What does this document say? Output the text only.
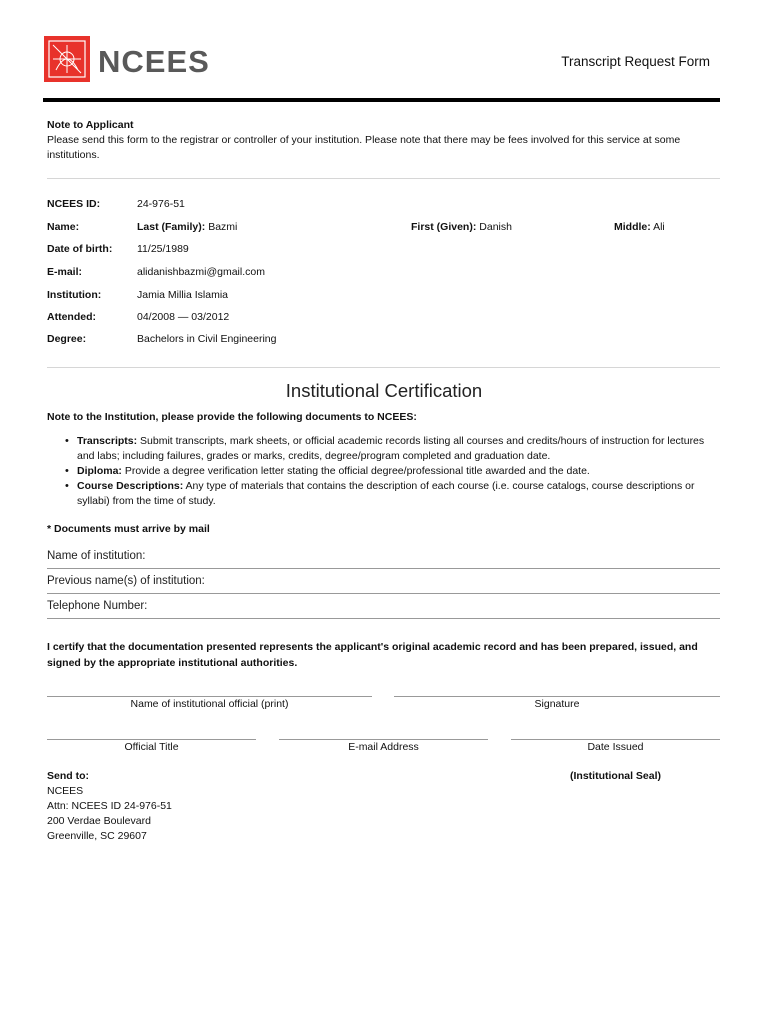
NCEES	Transcript Request Form
Note to Applicant
Please send this form to the registrar or controller of your institution. Please note that there may be fees involved for this service at some
institutions.
NCEES ID:	24-976-51
Name:	Last (Family): Bazmi	First (Given): Danish	Middle: Ali
Date of birth: 11/25/1989
E-mail:	alidanishbazmi@gmail.com
Institution:	Jamia Millia Islamia
Attended:	04/2008 — 03/2012
Degree:	Bachelors in Civil Engineering
Institutional Certification
Note to the Institution, please provide the following documents to NCEES:
• Transcripts: Submit transcripts, mark sheets, or official academic records listing all courses and credits/hours of instruction for lectures
and labs; including failures, grades or marks, credits, degree/program completed and graduation date.
• Diploma: Provide a degree verification letter stating the official degree/professional title awarded and the date.
• Course Descriptions: Any type of materials that contains the description of each course (i.e. course catalogs, course descriptions or
syllabi) from the time of study.
* Documents must arrive by mail
Name of institution:
Previous name(s) of institution:
Telephone Number:
I certify that the documentation presented represents the applicant's original academic record and has been prepared, issued, and
signed by the appropriate institutional authorities.
Name of institutional official (print)	Signature
Official Title	E-mail Address	Date Issued
Send to:
NCEES
Attn: NCEES ID 24-976-51
200 Verdae Boulevard
Greenville, SC 29607
(Institutional Seal)
